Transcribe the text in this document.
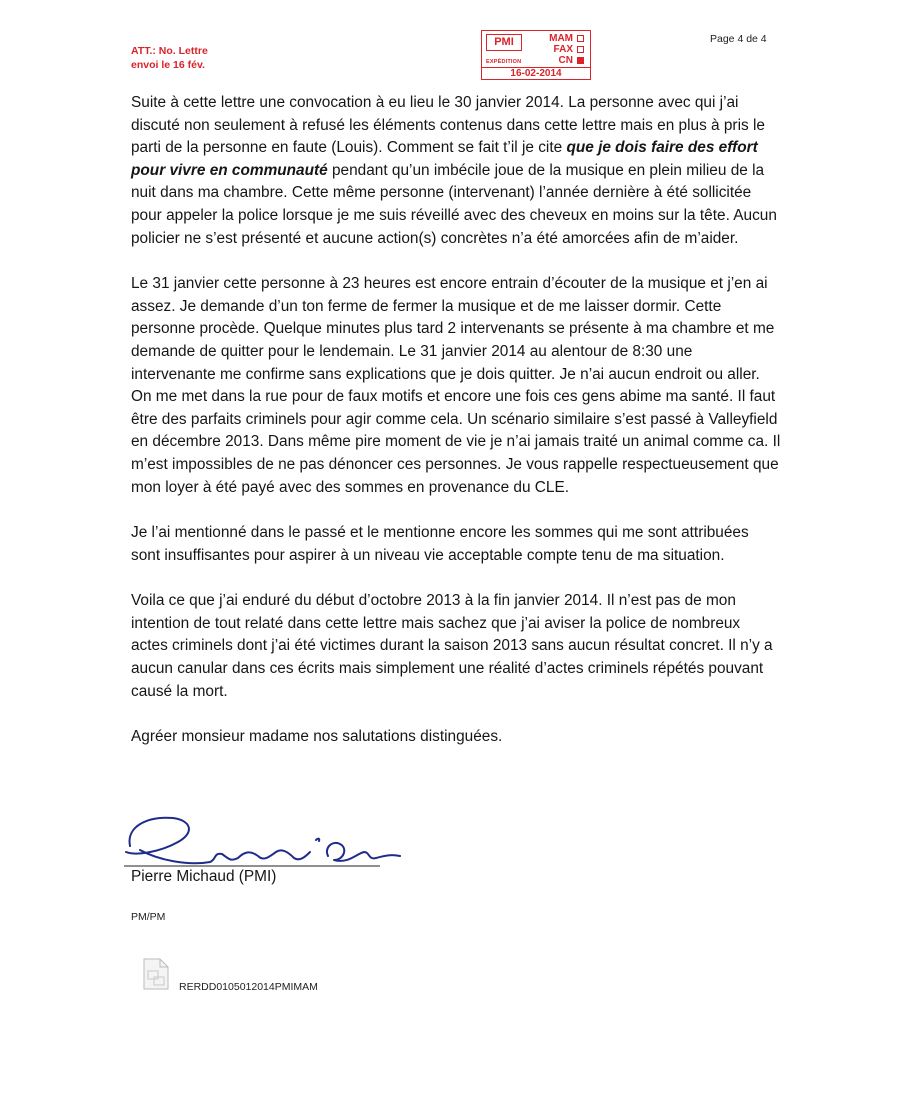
ATT.: No. Lettre
envoi le 16 fév.
PMI	MAM
FAX
CN
EXPÉDITION
16-02-2014
Page 4 de 4

Suite à cette lettre une convocation à eu lieu le 30 janvier 2014. La personne avec qui j’ai discuté non seulement à refusé les éléments contenus dans cette lettre mais en plus à pris le parti de la personne en faute (Louis). Comment se fait t’il je cite que je dois faire des effort pour vivre en communauté pendant qu’un imbécile joue de la musique en plein milieu de la nuit dans ma chambre. Cette même personne (intervenant) l’année dernière à été sollicitée pour appeler la police lorsque je me suis réveillé avec des cheveux en moins sur la tête. Aucun policier ne s’est présenté et aucune action(s) concrètes n’a été amorcées afin de m’aider.

Le 31 janvier cette personne à 23 heures est encore entrain d’écouter de la musique et j’en ai assez. Je demande d’un ton ferme de fermer la musique et de me laisser dormir. Cette personne procède. Quelque minutes plus tard 2 intervenants se présente à ma chambre et me demande de quitter pour le lendemain. Le 31 janvier 2014 au alentour de 8:30 une intervenante me confirme sans explications que je dois quitter. Je n’ai aucun endroit ou aller. On me met dans la rue pour de faux motifs et encore une fois ces gens abime ma santé. Il faut être des parfaits criminels pour agir comme cela. Un scénario similaire s’est passé à Valleyfield en décembre 2013. Dans même pire moment de vie je n’ai jamais traité un animal comme ca. Il m’est impossibles de ne pas dénoncer ces personnes. Je vous rappelle respectueusement que mon loyer à été payé avec des sommes en provenance du CLE.

Je l’ai mentionné dans le passé et le mentionne encore les sommes qui me sont attribuées sont insuffisantes pour aspirer à un niveau vie acceptable compte tenu de ma situation.

Voila ce que j’ai enduré du début d’octobre 2013 à la fin janvier 2014. Il n’est pas de mon intention de tout relaté dans cette lettre mais sachez que j’ai aviser la police de nombreux actes criminels dont j’ai été victimes durant la saison 2013 sans aucun résultat concret. Il n’y a aucun canular dans ces écrits mais simplement une réalité d’actes criminels répétés pouvant causé la mort.

Agréer monsieur madame nos salutations distinguées.

Pierre Michaud (PMI)
PM/PM
RERDD0105012014PMIMAM
